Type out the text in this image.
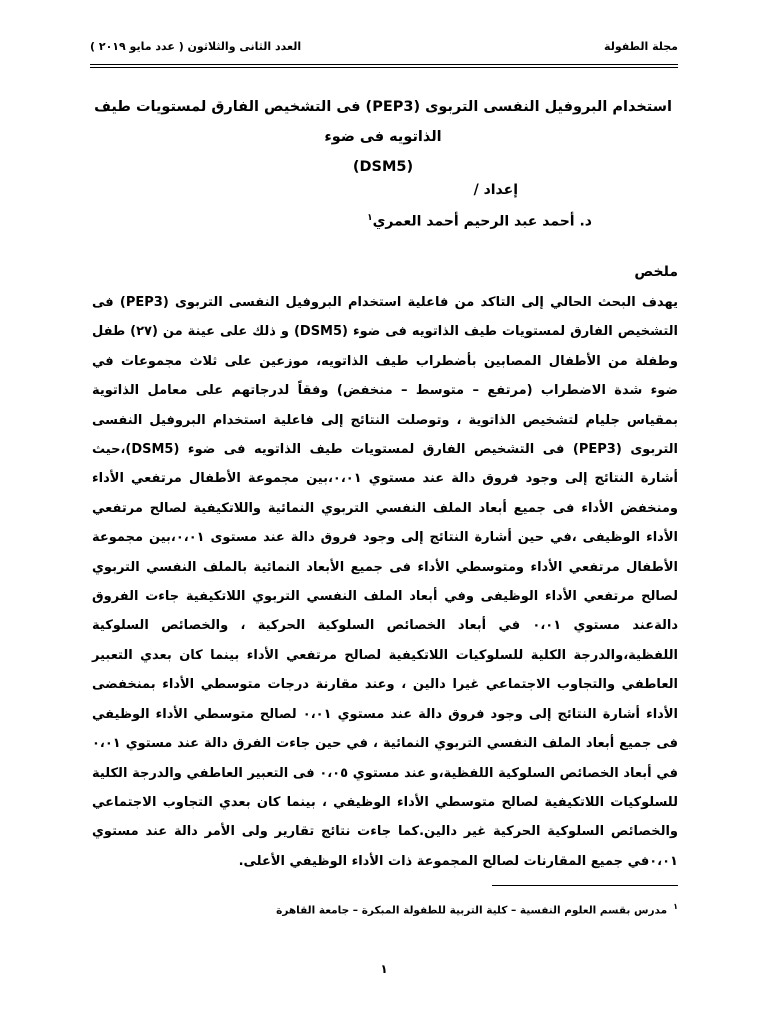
مجلة الطفولة
العدد الثانى والثلاثون ( عدد مايو ٢٠١٩ )
استخدام البروفيل النفسى التربوى (PEP3) فى التشخيص الفارق لمستويات طيف الذاتويه فى ضوء
(DSM5)
إعداد /
د. أحمد عبد الرحيم أحمد العمري$^١$
ملخص

يهدف البحث الحالي إلى التاكد من فاعلية استخدام البروفيل النفسى التربوى (PEP3) فى التشخيص الفارق لمستويات طيف الذاتويه فى ضوء (DSM5) و ذلك على عينة من (٢٧) طفل وطفلة من الأطفال المصابين بأضطراب طيف الذاتويه، موزعين على ثلاث مجموعات في ضوء شدة الاضطراب (مرتفع – متوسط – منخفض) وفقاً لدرجاتهم على معامل الذاتوية بمقياس جليام لتشخيص الذاتوية ، وتوصلت النتائج إلى فاعلية استخدام البروفيل النفسى التربوى (PEP3) فى التشخيص الفارق لمستويات طيف الذاتويه فى ضوء (DSM5)،حيث أشارة النتائج إلى وجود فروق دالة عند مستوي ٠،٠١،بين مجموعة الأطفال مرتفعي الأداء ومنخفض الأداء فى جميع أبعاد الملف النفسي التربوي النمائية واللاتكيفية لصالح مرتفعي الأداء الوظيفى ،في حين أشارة النتائج إلى وجود فروق دالة عند مستوى ٠،٠١،بين مجموعة الأطفال مرتفعي الأداء ومتوسطي الأداء فى جميع الأبعاد النمائية بالملف النفسي التربوي لصالح مرتفعي الأداء الوظيفى وفي أبعاد الملف النفسي التربوي اللاتكيفية جاءت الفروق دالةعند مستوي ٠،٠١ في أبعاد الخصائص السلوكية الحركية ، والخصائص السلوكية اللفظية،والدرجة الكلية للسلوكيات اللاتكيفية لصالح مرتفعي الأداء بينما كان بعدي التعبير العاطفي والتجاوب الاجتماعي غيرا دالين ، وعند مقارنة درجات متوسطي الأداء بمنخفضى الأداء أشارة النتائج إلى وجود فروق دالة عند مستوي ٠،٠١ لصالح متوسطي الأداء الوظيفي فى جميع أبعاد الملف النفسي التربوي النمائية ، في حين جاءت الفرق دالة عند مستوي ٠،٠١ في أبعاد الخصائص السلوكية اللفظية،و عند مستوي ٠،٠٥ فى التعبير العاطفي والدرجة الكلية للسلوكيات اللاتكيفية لصالح متوسطي الأداء الوظيفي ، بينما كان بعدي التجاوب الاجتماعي والخصائص السلوكية الحركية غير دالين.كما جاءت نتائج تقارير ولى الأمر دالة عند مستوي ٠،٠١في جميع المقارنات لصالح المجموعة ذات الأداء الوظيفي الأعلى.

$^١$مدرس بقسم العلوم النفسية – كلية التربية للطفولة المبكرة – جامعة القاهرة
١
